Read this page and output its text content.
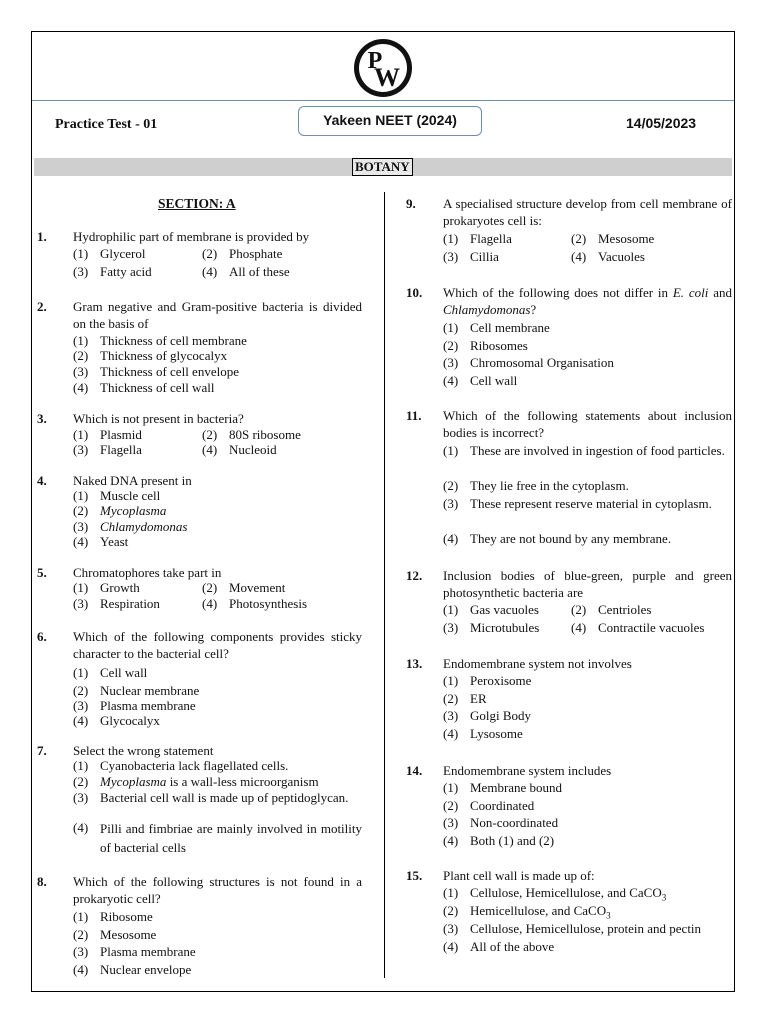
P
W
Practice Test - 01	Yakeen NEET (2024)	14/05/2023
BOTANY
SECTION: A
1. Hydrophilic part of membrane is provided by
(1) Glycerol	(2) Phosphate
(3) Fatty acid	(4) All of these
2. Gram negative and Gram-positive bacteria is divided on the basis of
(1) Thickness of cell membrane
(2) Thickness of glycocalyx
(3) Thickness of cell envelope
(4) Thickness of cell wall
3. Which is not present in bacteria?
(1) Plasmid	(2) 80S ribosome
(3) Flagella	(4) Nucleoid
4. Naked DNA present in
(1) Muscle cell
(2) Mycoplasma
(3) Chlamydomonas
(4) Yeast
5. Chromatophores take part in
(1) Growth	(2) Movement
(3) Respiration	(4) Photosynthesis
6. Which of the following components provides sticky character to the bacterial cell?
(1) Cell wall
(2) Nuclear membrane
(3) Plasma membrane
(4) Glycocalyx
7. Select the wrong statement
(1) Cyanobacteria lack flagellated cells.
(2) Mycoplasma is a wall-less microorganism
(3) Bacterial cell wall is made up of peptidoglycan.
(4) Pilli and fimbriae are mainly involved in motility of bacterial cells
8. Which of the following structures is not found in a prokaryotic cell?
(1) Ribosome
(2) Mesosome
(3) Plasma membrane
(4) Nuclear envelope
9. A specialised structure develop from cell membrane of prokaryotes cell is:
(1) Flagella	(2) Mesosome
(3) Cillia	(4) Vacuoles
10. Which of the following does not differ in E. coli and Chlamydomonas?
(1) Cell membrane
(2) Ribosomes
(3) Chromosomal Organisation
(4) Cell wall
11. Which of the following statements about inclusion bodies is incorrect?
(1) These are involved in ingestion of food particles.
(2) They lie free in the cytoplasm.
(3) These represent reserve material in cytoplasm.
(4) They are not bound by any membrane.
12. Inclusion bodies of blue-green, purple and green photosynthetic bacteria are
(1) Gas vacuoles (2) Centrioles
(3) Microtubules (4) Contractile vacuoles
13. Endomembrane system not involves
(1) Peroxisome
(2) ER
(3) Golgi Body
(4) Lysosome
14. Endomembrane system includes
(1) Membrane bound
(2) Coordinated
(3) Non-coordinated
(4) Both (1) and (2)
15. Plant cell wall is made up of:
(1) Cellulose, Hemicellulose, and CaCO$_3$
(2) Hemicellulose, and CaCO$_3$
(3) Cellulose, Hemicellulose, protein and pectin
(4) All of the above
